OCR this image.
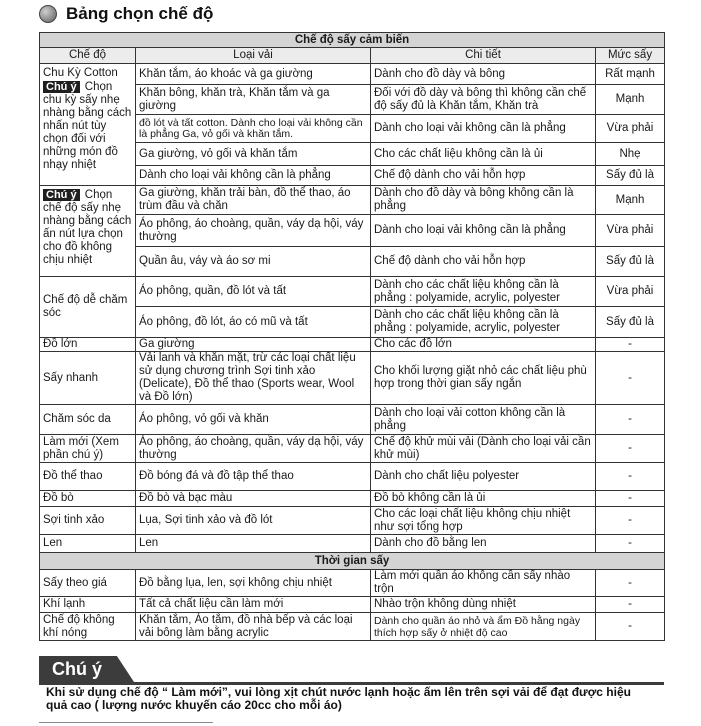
Bảng chọn chế độ
Chế độ sấy cảm biến			
Chế độ	Loại vải	Chi tiết	Mức sấy

Chu Kỳ Cotton
Chú ý Chọn chu kỳ sấy nhẹ nhàng bằng cách nhấn nút tùy chọn đối với những món đồ nhạy nhiệt	Khăn tắm, áo khoác và ga giường	Dành cho đồ dày và bông	Rất mạnh
	Khăn bông, khăn trà, Khăn tắm và ga giường	Đối với đồ dày và bông thì không cần chế độ sấy đủ là Khăn tắm, Khăn trà	Mạnh
	đồ lót và tất cotton. Dành cho loại vải không cần là phẳng Ga, vỏ gối và khăn tắm.	Dành cho loại vải không cần là phẳng	Vừa phải
	Ga giường, vỏ gối và khăn tắm	Cho các chất liệu không cần là ủi	Nhẹ
	Dành cho loại vải không cần là phẳng	Chế độ dành cho vải hỗn hợp	Sấy đủ là
Chú ý Chọn chế độ sấy nhẹ nhàng bằng cách ấn nút lựa chọn cho đồ không chịu nhiệt	Ga giường, khăn trải bàn, đồ thể thao, áo trùm đầu và chăn	Dành cho đồ dày và bông không cần là phẳng	Mạnh
	Áo phông, áo choàng, quần, váy dạ hội, váy thường	Dành cho loại vải không cần là phẳng	Vừa phải
	Quần âu, váy và áo sơ mi	Chế độ dành cho vải hỗn hợp	Sấy đủ là
Chế độ dễ chăm sóc	Áo phông, quần, đồ lót và tất	Dành cho các chất liệu không cần là phẳng : polyamide, acrylic, polyester	Vừa phải
	Áo phông, đồ lót, áo có mũ và tất	Dành cho các chất liệu không cần là phẳng : polyamide, acrylic, polyester	Sấy đủ là
Đồ lớn	Ga giường	Cho các đồ lớn	-
Sấy nhanh	Vải lanh và khăn mặt, trừ các loại chất liệu sử dụng chương trình Sợi tinh xảo (Delicate), Đồ thể thao (Sports wear, Wool và Đồ lớn)	Cho khối lượng giặt nhỏ các chất liệu phù hợp trong thời gian sấy ngắn	-
Chăm sóc da	Áo phông, vỏ gối và khăn	Dành cho loại vải cotton không cần là phẳng	-
Làm mới (Xem phần chú ý)	Áo phông, áo choàng, quần, váy dạ hội, váy thường	Chế độ khử mùi vải (Dành cho loại vải cần khử mùi)	-
Đồ thể thao	Đồ bóng đá và đồ tập thể thao	Dành cho chất liệu polyester	-
Đồ bò	Đồ bò và bạc màu	Đồ bò không cần là ủi	-
Sợi tinh xảo	Lụa, Sợi tinh xảo và đồ lót	Cho các loại chất liệu không chịu nhiệt như sợi tổng hợp	-
Len	Len	Dành cho đồ bằng len	-
Thời gian sấy			
Sấy theo giá	Đồ bằng lụa, len, sợi không chịu nhiệt	Làm mới quần áo không cần sấy nhào trộn	-
Khí lạnh	Tất cả chất liệu cần làm mới	Nhào trộn không dùng nhiệt	-
Chế độ không khí nóng	Khăn tắm, Áo tắm, đồ nhà bếp và các loại vải bông làm bằng acrylic	Dành cho quần áo nhỏ và ẩm Đồ hằng ngày thích hợp sấy ở nhiệt độ cao	-
Chú ý
Khi sử dụng chế độ “ Làm mới”, vui lòng xịt chút nước lạnh hoặc ấm lên trên sợi vải để đạt được hiệu quả cao ( lượng nước khuyến cáo 20cc cho mỗi áo)
